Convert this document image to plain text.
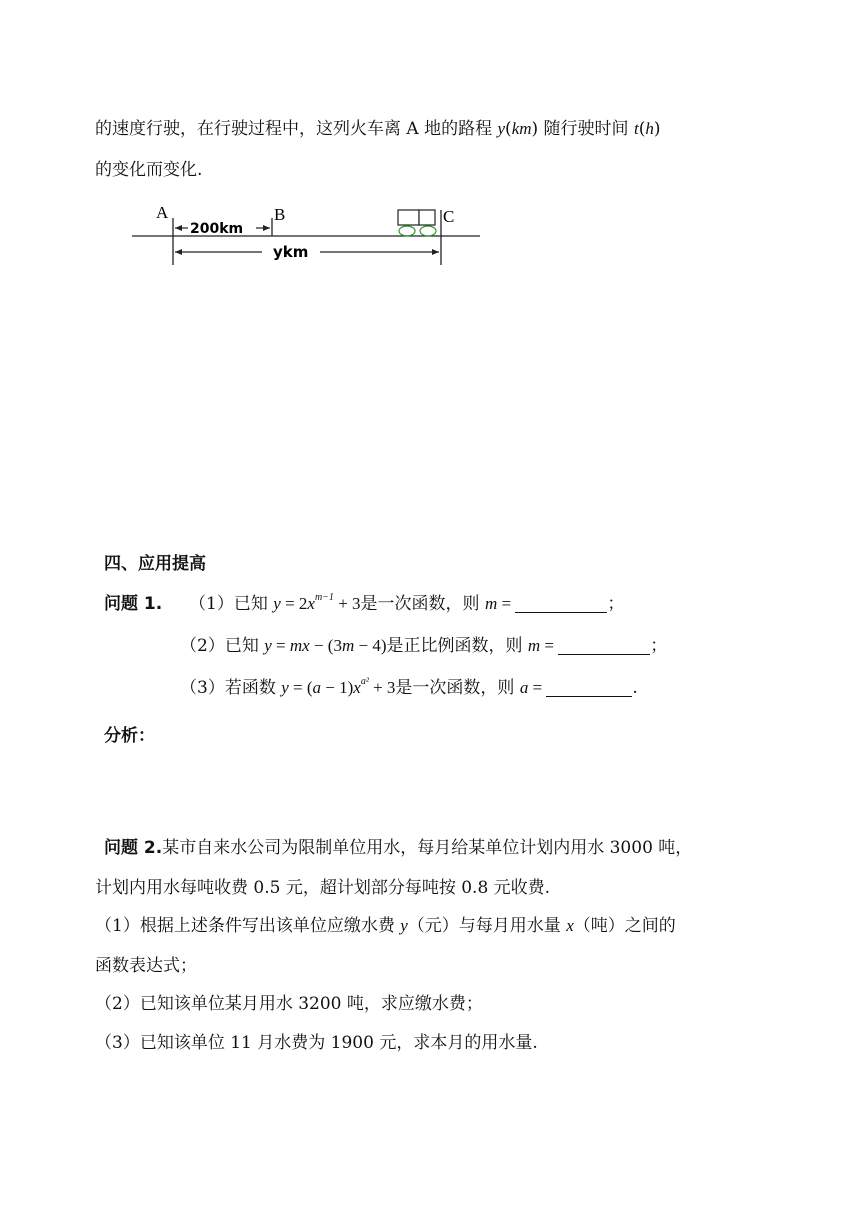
的速度行驶，在行驶过程中，这列火车离 A 地的路程 y(km) 随行驶时间 t(h)
的变化而变化.
A	B	C
200km
ykm
四、应用提高
问题 1. （1）已知 $y = 2x^{m-1} + 3$是一次函数，则 m =	；
（2）已知 y = mx − (3m − 4)是正比例函数，则 m =	；
（3）若函数 $y = (a - 1)x^{a^2} + 3$是一次函数，则 a =	.
分析：
问题 2.某市自来水公司为限制单位用水，每月给某单位计划内用水 3000 吨，
计划内用水每吨收费 0.5 元，超计划部分每吨按 0.8 元收费.
（1）根据上述条件写出该单位应缴水费 y（元）与每月用水量 x（吨）之间的
函数表达式；
（2）已知该单位某月用水 3200 吨，求应缴水费；
（3）已知该单位 11 月水费为 1900 元，求本月的用水量.
